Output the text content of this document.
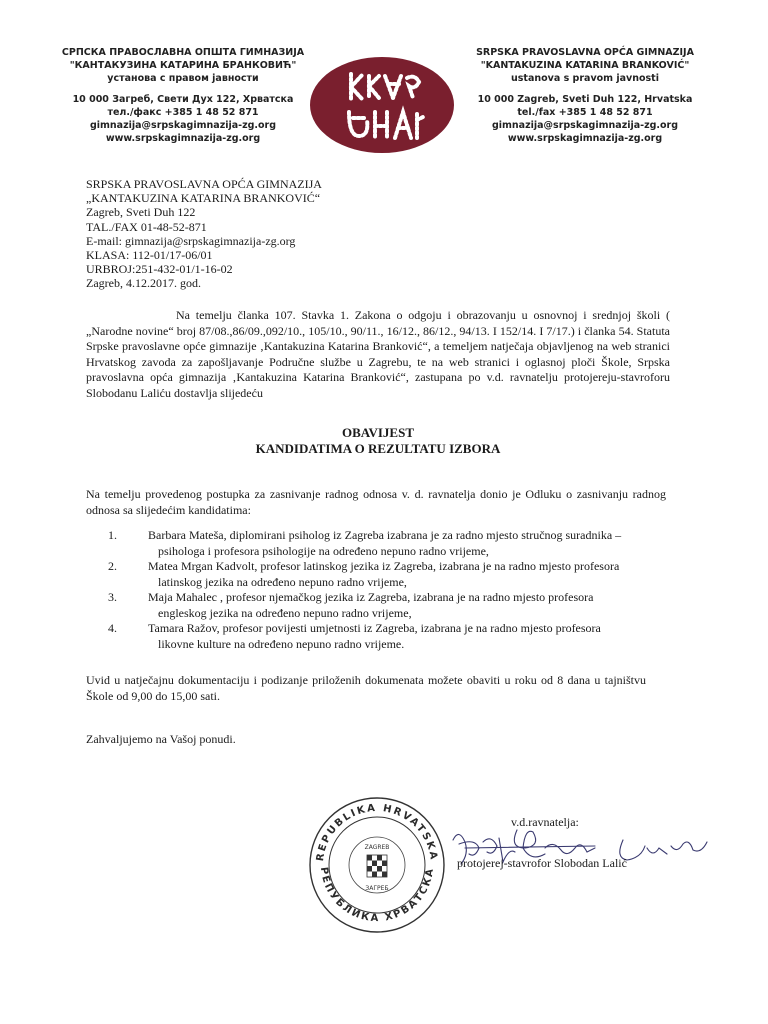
СРПСКА ПРАВОСЛАВНА ОПШТА ГИМНАЗИЈА
"КАНТАКУЗИНА КАТАРИНА БРАНКОВИЋ"
установа с правом јавности
10 000 Загреб, Свети Дух 122, Хрватска
тел./факс +385 1 48 52 871
gimnazija@srpskagimnazija-zg.org
www.srpskagimnazija-zg.org
SRPSKA PRAVOSLAVNA OPĆA GIMNAZIJA
"KANTAKUZINA KATARINA BRANKOVIĆ"
ustanova s pravom javnosti
10 000 Zagreb, Sveti Duh 122, Hrvatska
tel./fax +385 1 48 52 871
gimnazija@srpskagimnazija-zg.org
www.srpskagimnazija-zg.org
SRPSKA PRAVOSLAVNA OPĆA GIMNAZIJA
„KANTAKUZINA KATARINA BRANKOVIĆ“
Zagreb, Sveti Duh 122
TAL./FAX 01-48-52-871
E-mail: gimnazija@srpskagimnazija-zg.org
KLASA: 112-01/17-06/01
URBROJ:251-432-01/1-16-02
Zagreb, 4.12.2017. god.
Na temelju članka 107. Stavka 1. Zakona o odgoju i obrazovanju u osnovnoj i srednjoj školi ( „Narodne novine“ broj 87/08.,86/09.,092/10., 105/10., 90/11., 16/12., 86/12., 94/13. I 152/14. I 7/17.) i članka 54. Statuta Srpske pravoslavne opće gimnazije ‚Kantakuzina Katarina Branković“, a temeljem natječaja objavljenog na web stranici Hrvatskog zavoda za zapošljavanje Područne službe u Zagrebu, te na web stranici i oglasnoj ploči Škole, Srpska pravoslavna opća gimnazija ‚Kantakuzina Katarina Branković“, zastupana po v.d. ravnatelju protojereju-stavroforu Slobodanu Laliću dostavlja slijedeću
OBAVIJEST
KANDIDATIMA O REZULTATU IZBORA
Na temelju provedenog postupka za zasnivanje radnog odnosa v. d. ravnatelja donio je Odluku o zasnivanju radnog odnosa sa slijedećim kandidatima:
1.	Barbara Mateša, diplomirani psiholog iz Zagreba izabrana je za radno mjesto stručnog suradnika –
psihologa i profesora psihologije na određeno nepuno radno vrijeme,
2.	Matea Mrgan Kadvolt, profesor latinskog jezika iz Zagreba, izabrana je na radno mjesto profesora
latinskog jezika na određeno nepuno radno vrijeme,
3.	Maja Mahalec , profesor njemačkog jezika iz Zagreba, izabrana je na radno mjesto profesora
engleskog jezika na određeno nepuno radno vrijeme,
4.	Tamara Ražov, profesor povijesti umjetnosti iz Zagreba, izabrana je na radno mjesto profesora
likovne kulture na određeno nepuno radno vrijeme.
Uvid u natječajnu dokumentaciju i podizanje priloženih dokumenata možete obaviti u roku od 8 dana u tajništvu Škole od 9,00 do 15,00 sati.
Zahvaljujemo na Vašoj ponudi.
REPUBLIKA HRVATSKA
РЕПУБЛИКА ХРВАТСКА
ZAGREB
ЗАГРЕБ
v.d.ravnatelja:
protojerej-stavrofor Slobodan Lalić
